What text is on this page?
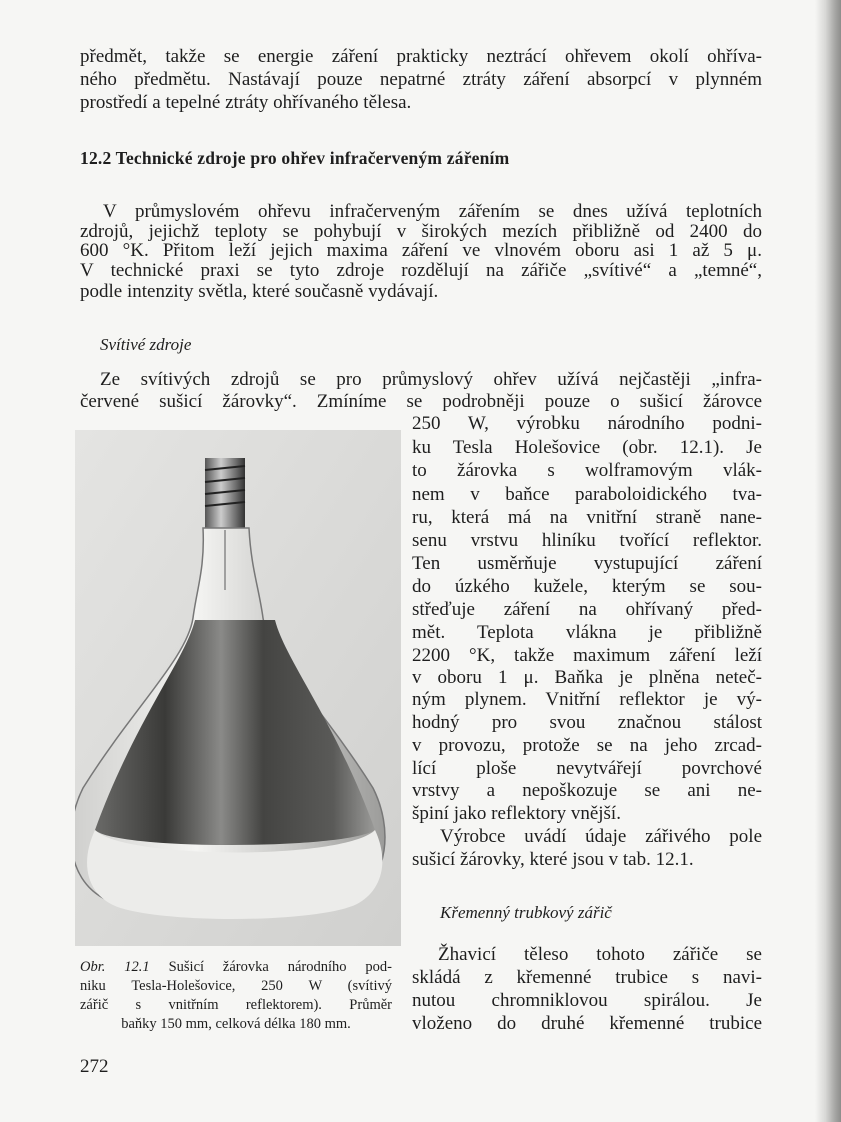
předmět, takže se energie záření prakticky neztrácí ohřevem okolí ohříva-
ného předmětu. Nastávají pouze nepatrné ztráty záření absorpcí v plynném
prostředí a tepelné ztráty ohřívaného tělesa.
12.2 Technické zdroje pro ohřev infračerveným zářením
V průmyslovém ohřevu infračerveným zářením se dnes užívá teplotních
zdrojů, jejichž teploty se pohybují v širokých mezích přibližně od 2400 do
600 °K. Přitom leží jejich maxima záření ve vlnovém oboru asi 1 až 5 μ.
V technické praxi se tyto zdroje rozdělují na zářiče „svítivé“ a „temné“,
podle intenzity světla, které současně vydávají.
Svítivé zdroje
Ze svítivých zdrojů se pro průmyslový ohřev užívá nejčastěji „infra-
červené sušicí žárovky“. Zmíníme se podrobněji pouze o sušicí žárovce
250 W, výrobku národního podni-
ku Tesla Holešovice (obr. 12.1). Je
to žárovka s wolframovým vlák-
nem v baňce paraboloidického tva-
ru, která má na vnitřní straně nane-
senu vrstvu hliníku tvořící reflektor.
Ten usměrňuje vystupující záření
do úzkého kužele, kterým se sou-
střeďuje záření na ohřívaný před-
mět. Teplota vlákna je přibližně
2200 °K, takže maximum záření leží
v oboru 1 μ. Baňka je plněna neteč-
ným plynem. Vnitřní reflektor je vý-
hodný pro svou značnou stálost
v provozu, protože se na jeho zrcad-
lící ploše nevytvářejí povrchové
vrstvy a nepoškozuje se ani ne-
špiní jako reflektory vnější.
Výrobce uvádí údaje zářivého pole
sušicí žárovky, které jsou v tab. 12.1.
Křemenný trubkový zářič
Žhavicí těleso tohoto zářiče se
skládá z křemenné trubice s navi-
nutou chromniklovou spirálou. Je
vloženo do druhé křemenné trubice
Obr. 12.1 Sušicí žárovka národního pod-
niku Tesla-Holešovice, 250 W (svítivý
zářič s vnitřním reflektorem). Průměr
baňky 150 mm, celková délka 180 mm.
272
